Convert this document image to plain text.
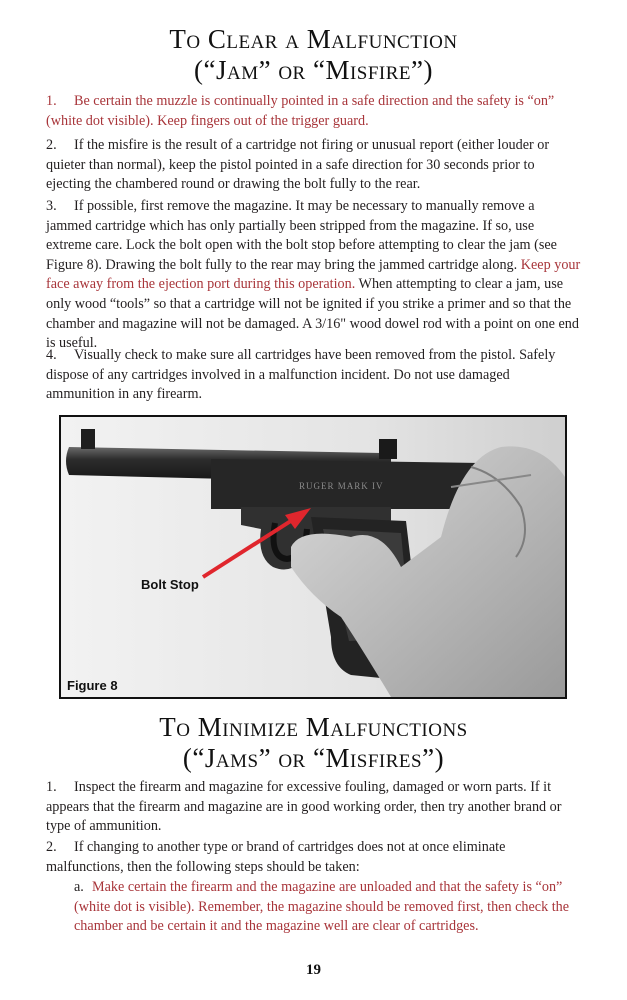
To Clear a Malfunction
(“Jam” or “Misfire”)

1. Be certain the muzzle is continually pointed in a safe direction and the safety is “on” (white dot visible). Keep fingers out of the trigger guard.

2. If the misfire is the result of a cartridge not firing or unusual report (either louder or quieter than normal), keep the pistol pointed in a safe direction for 30 seconds prior to ejecting the chambered round or drawing the bolt fully to the rear.

3. If possible, first remove the magazine. It may be necessary to manually remove a jammed cartridge which has only partially been stripped from the magazine. If so, use extreme care. Lock the bolt open with the bolt stop before attempting to clear the jam (see Figure 8). Drawing the bolt fully to the rear may bring the jammed cartridge along. Keep your face away from the ejection port during this operation. When attempting to clear a jam, use only wood “tools” so that a cartridge will not be ignited if you strike a primer and so that the chamber and magazine will not be damaged. A 3/16" wood dowel rod with a point on one end is useful.

4. Visually check to make sure all cartridges have been removed from the pistol. Safely dispose of any cartridges involved in a malfunction incident. Do not use damaged ammunition in any firearm.

RUGER MARK IV
Bolt Stop
Figure 8
To Minimize Malfunctions
(“Jams” or “Misfires”)

1. Inspect the firearm and magazine for excessive fouling, damaged or worn parts. If it appears that the firearm and magazine are in good working order, then try another brand or type of ammunition.

2. If changing to another type or brand of cartridges does not at once eliminate malfunctions, then the following steps should be taken:

a. Make certain the firearm and the magazine are unloaded and that the safety is “on” (white dot is visible). Remember, the magazine should be removed first, then check the chamber and be certain it and the magazine well are clear of cartridges.

19
